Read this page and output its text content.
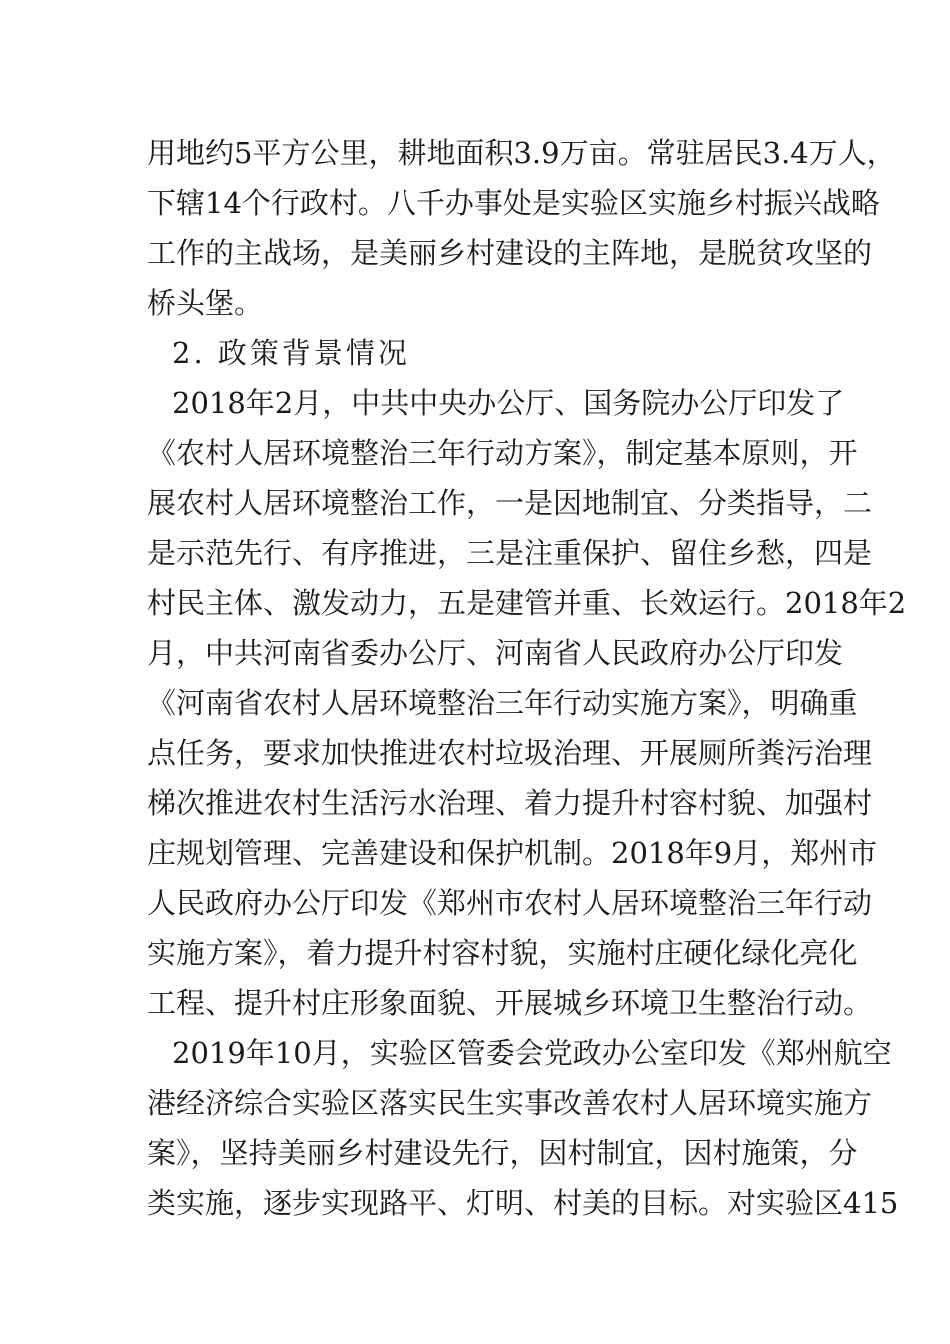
用地约5平方公里，耕地面积3.9万亩。常驻居民3.4万人，
下辖14个行政村。八千办事处是实验区实施乡村振兴战略
工作的主战场，是美丽乡村建设的主阵地，是脱贫攻坚的
桥头堡。
2. 政策背景情况
2018年2月，中共中央办公厅、国务院办公厅印发了
《农村人居环境整治三年行动方案》，制定基本原则，开
展农村人居环境整治工作，一是因地制宜、分类指导，二
是示范先行、有序推进，三是注重保护、留住乡愁，四是
村民主体、激发动力，五是建管并重、长效运行。2018年2
月，中共河南省委办公厅、河南省人民政府办公厅印发
《河南省农村人居环境整治三年行动实施方案》，明确重
点任务，要求加快推进农村垃圾治理、开展厕所粪污治理
梯次推进农村生活污水治理、着力提升村容村貌、加强村
庄规划管理、完善建设和保护机制。2018年9月，郑州市
人民政府办公厅印发《郑州市农村人居环境整治三年行动
实施方案》，着力提升村容村貌，实施村庄硬化绿化亮化
工程、提升村庄形象面貌、开展城乡环境卫生整治行动。
2019年10月，实验区管委会党政办公室印发《郑州航空
港经济综合实验区落实民生实事改善农村人居环境实施方
案》，坚持美丽乡村建设先行，因村制宜，因村施策，分
类实施，逐步实现路平、灯明、村美的目标。对实验区415
